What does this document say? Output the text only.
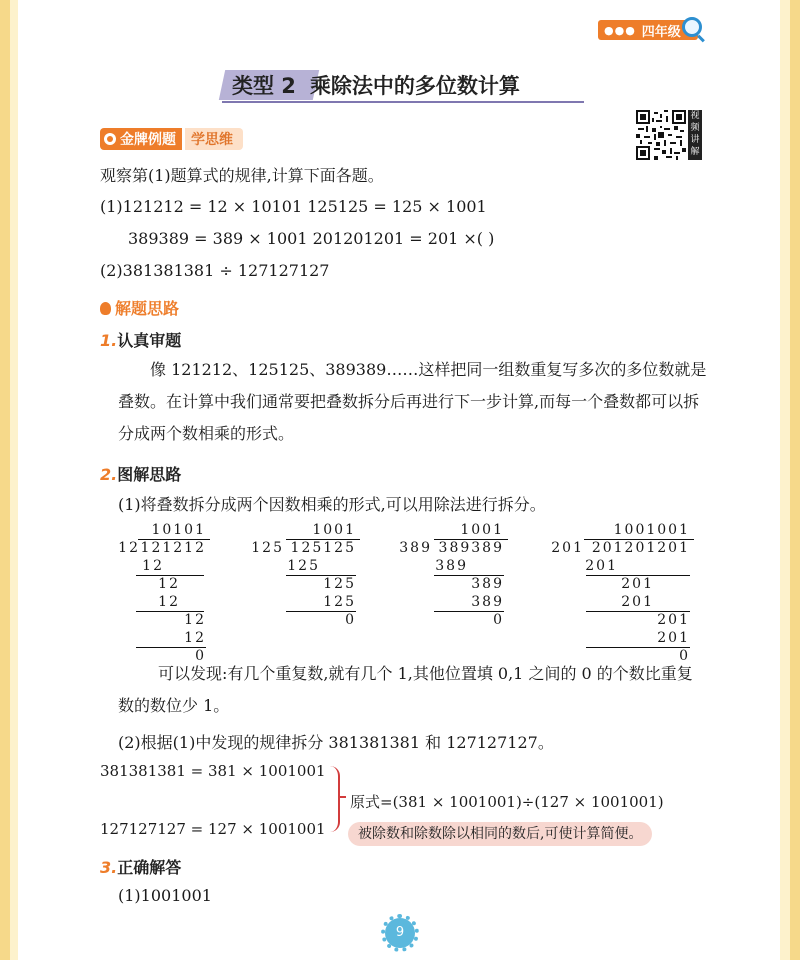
●●● 四年级
类型 2 乘除法中的多位数计算
视
频
讲
解
金牌例题	学思维
观察第(1)题算式的规律,计算下面各题。
(1)121212 = 12 × 10101 125125 = 125 × 1001
389389 = 389 × 1001 201201201 = 201 ×( )
(2)381381381 ÷ 127127127
解题思路
1.认真审题
像 121212、125125、389389……这样把同一组数重复写多次的多位数就是叠数。在计算中我们通常要把叠数拆分后再进行下一步计算,而每一个叠数都可以拆分成两个数相乘的形式。
2.图解思路
(1)将叠数拆分成两个因数相乘的形式,可以用除法进行拆分。
10101
12 121212
12
12
12
12
12
0
1001
125 125125
125
125
125
0
1001
389 389389
389
389
389
0
1001001
201 201201201
201
201
201
201
201
0
可以发现:有几个重复数,就有几个 1,其他位置填 0,1 之间的 0 的个数比重复数的数位少 1。
(2)根据(1)中发现的规律拆分 381381381 和 127127127。
381381381 = 381 × 1001001
127127127 = 127 × 1001001
原式=(381 × 1001001)÷(127 × 1001001)
被除数和除数除以相同的数后,可使计算简便。
3.正确解答
(1)1001001
9
